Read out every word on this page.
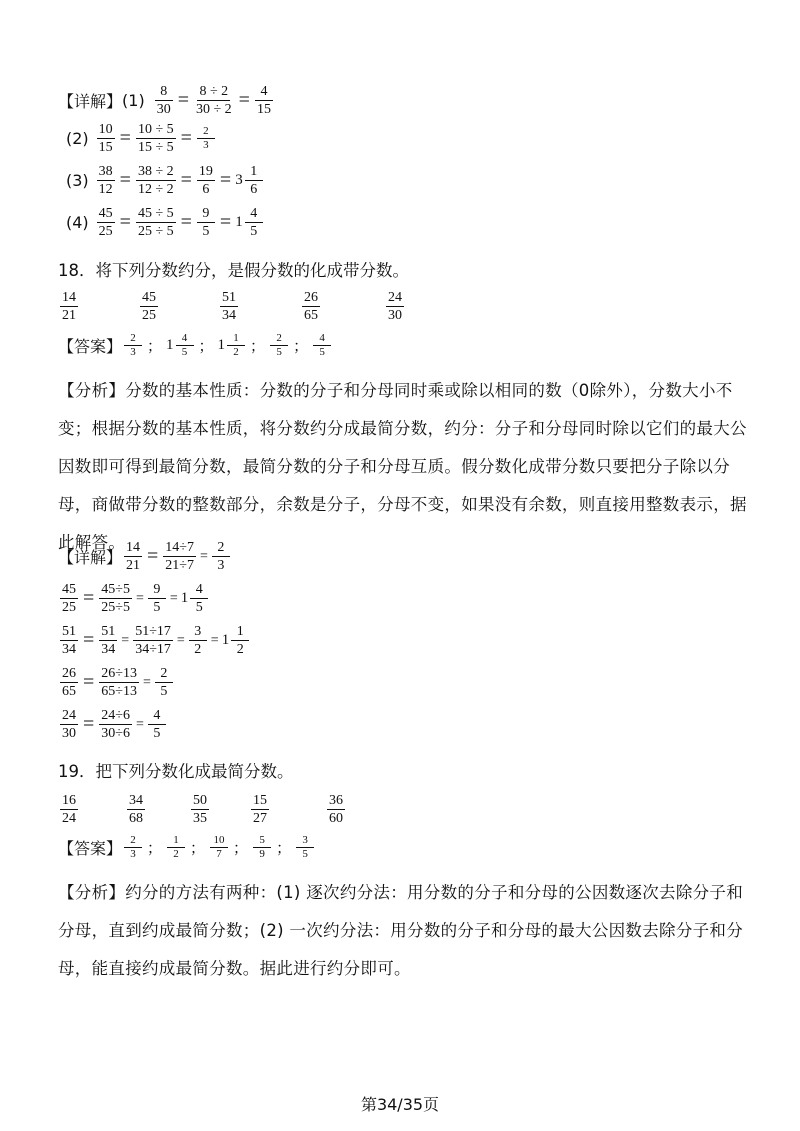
【详解】 $(1) \frac{8}{30} = \frac{8 \div 2}{30 \div 2} = \frac{4}{15}$
$(2) \frac{10}{15} = \frac{10 \div 5}{15 \div 5} = \frac{2}{3}$
$(3) \frac{38}{12} = \frac{38 \div 2}{12 \div 2} = \frac{19}{6} = 3$
1
6
$(4) \frac{45}{25} = \frac{45 \div 5}{25 \div 5} = \frac{9}{5} = 1$
4
5
18．将下列分数约分，是假分数的化成带分数。
$\frac{14}{21}$	$\frac{45}{25}$	$\frac{51}{34}$	$\frac{26}{65}$	$\frac{24}{30}$
【答案】 2
3 ； 1 4
5 ； 1 1
2 ；	2
5 ；	4
5
【分析】分数的基本性质：分数的分子和分母同时乘或除以相同的数（0除外），分数大小不变；根据分数的基本性质，将分数约分成最简分数，约分：分子和分母同时除以它们的最大公因数即可得到最简分数，最简分数的分子和分母互质。假分数化成带分数只要把分子除以分母，商做带分数的整数部分，余数是分子，分母不变，如果没有余数，则直接用整数表示，据此解答。
【详解】 $\frac{14}{21} = \frac{14\div 7}{21\div 7} = \frac{2}{3}$
$\frac{45}{25} = \frac{45\div 5}{25\div 5} = \frac{9}{5} = 1$
4
5
$\frac{51}{34} = \frac{51}{34} = \frac{51\div 17}{34\div 17} = \frac{3}{2} = 1$
1
2
$\frac{26}{65} = \frac{26\div 13}{65\div 13} = \frac{2}{5}$
$\frac{24}{30} = \frac{24\div 6}{30\div 6} = \frac{4}{5}$
19．把下列分数化成最简分数。
$\frac{16}{24}$	$\frac{34}{68}$	$\frac{50}{35}$	$\frac{15}{27}$	$\frac{36}{60}$
【答案】 2
3 ；	1
2 ； 10
7 ；	5
9 ；	3
5
【分析】约分的方法有两种：(1) 逐次约分法：用分数的分子和分母的公因数逐次去除分子和分母，直到约成最简分数；(2) 一次约分法：用分数的分子和分母的最大公因数去除分子和分母，能直接约成最简分数。据此进行约分即可。
第34/35页
